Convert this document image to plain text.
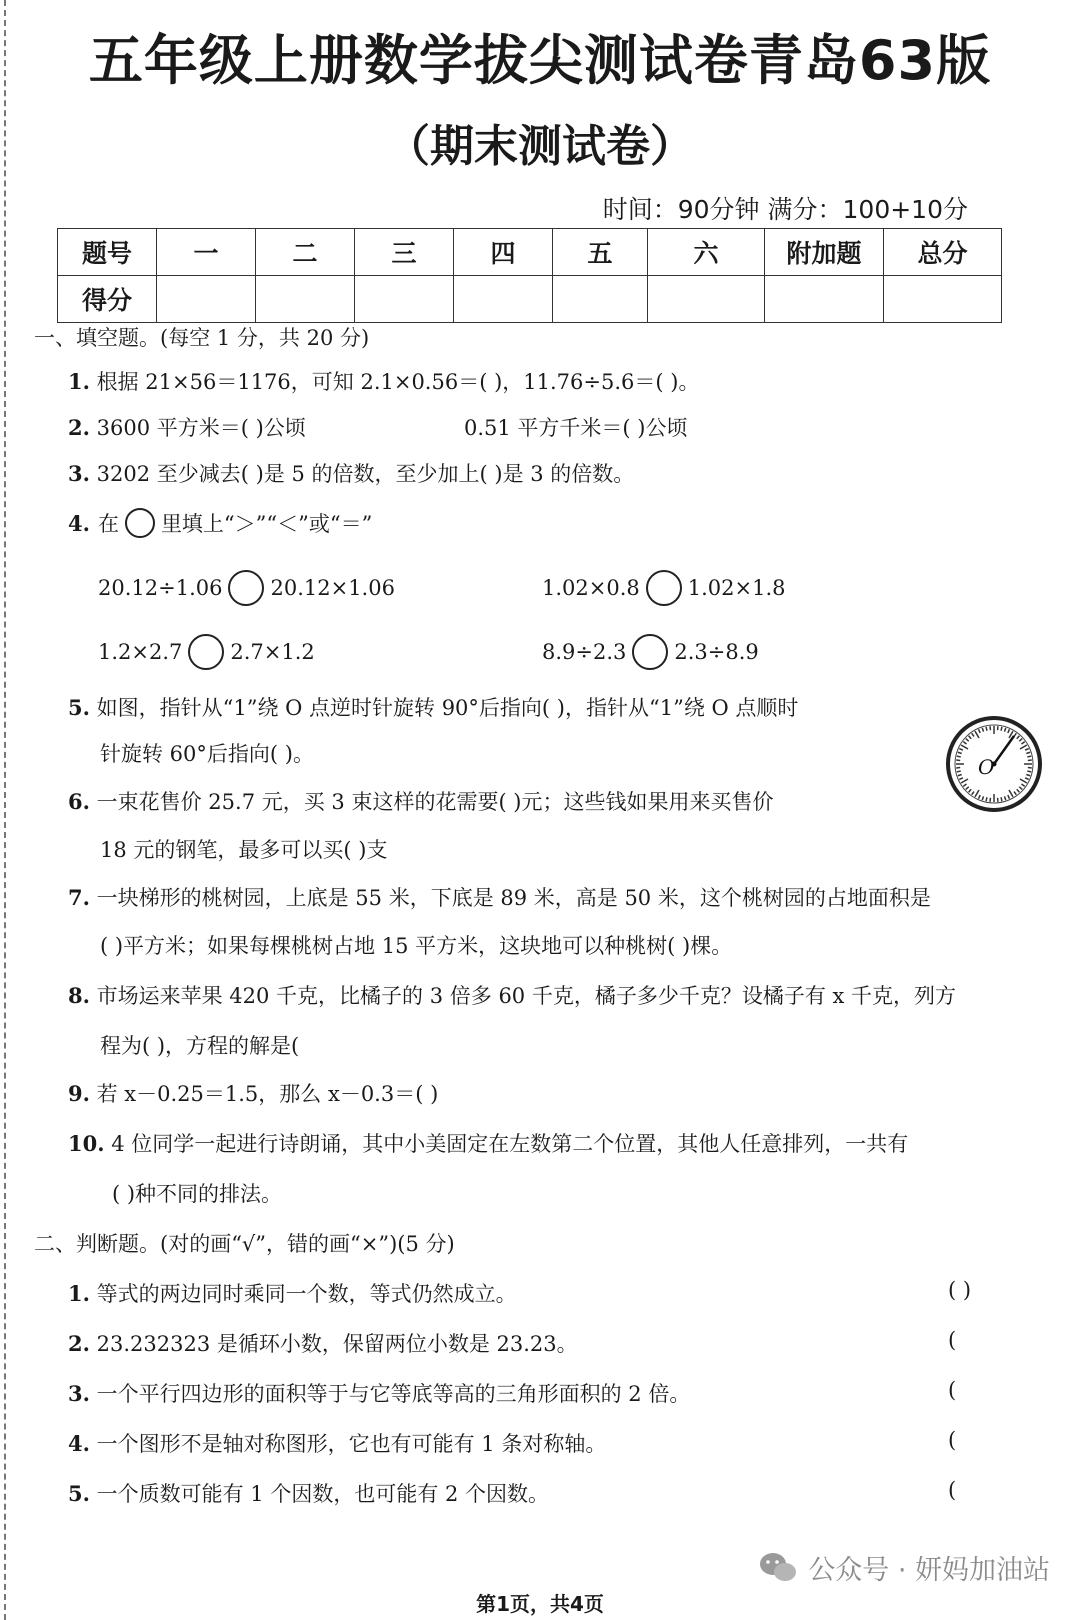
五年级上册数学拔尖测试卷青岛63版
（期末测试卷）
时间：90分钟 满分：100+10分
题号	一	二	三	四	五	六	附加题	总分
得分								
一、填空题。(每空 1 分，共 20 分)
1. 根据 21×56＝1176，可知 2.1×0.56＝( )，11.76÷5.6＝( )。
2. 3600 平方米＝( )公顷	0.51 平方千米＝( )公顷
3. 3202 至少减去( )是 5 的倍数，至少加上( )是 3 的倍数。
4. 在 里填上“＞”“＜”或“＝”
20.12÷1.06 20.12×1.06	1.02×0.8 1.02×1.8
1.2×2.7 2.7×1.2	8.9÷2.3 2.3÷8.9
5. 如图，指针从“1”绕 O 点逆时针旋转 90°后指向( )，指针从“1”绕 O 点顺时
针旋转 60°后指向( )。
O
6. 一束花售价 25.7 元，买 3 束这样的花需要( )元；这些钱如果用来买售价
18 元的钢笔，最多可以买( )支
7. 一块梯形的桃树园，上底是 55 米，下底是 89 米，高是 50 米，这个桃树园的占地面积是
( )平方米；如果每棵桃树占地 15 平方米，这块地可以种桃树( )棵。
8. 市场运来苹果 420 千克，比橘子的 3 倍多 60 千克，橘子多少千克？设橘子有 x 千克，列方
程为( )，方程的解是(
9. 若 x－0.25＝1.5，那么 x－0.3＝( )
10. 4 位同学一起进行诗朗诵，其中小美固定在左数第二个位置，其他人任意排列，一共有
( )种不同的排法。
二、判断题。(对的画“√”，错的画“×”)(5 分)
1. 等式的两边同时乘同一个数，等式仍然成立。	( )
2. 23.232323 是循环小数，保留两位小数是 23.23。	(
3. 一个平行四边形的面积等于与它等底等高的三角形面积的 2 倍。	(
4. 一个图形不是轴对称图形，它也有可能有 1 条对称轴。	(
5. 一个质数可能有 1 个因数，也可能有 2 个因数。	(
公众号 · 妍妈加油站
第1页，共4页
